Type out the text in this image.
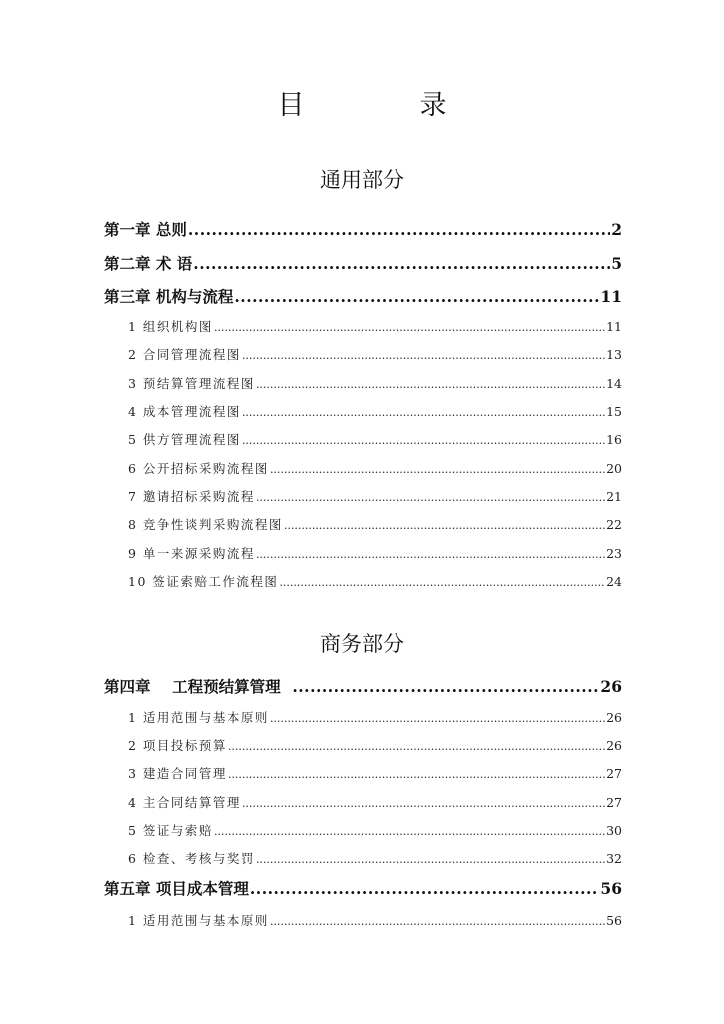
目　录
通用部分
第一章 总则 .....	2
第二章 术 语 .....	5
第三章 机构与流程 .....	11
1 组织机构图 .....	11
2 合同管理流程图 .....	13
3 预结算管理流程图 .....	14
4 成本管理流程图 .....	15
5 供方管理流程图 .....	16
6 公开招标采购流程图 .....	20
7 邀请招标采购流程 .....	21
8 竞争性谈判采购流程图 .....	22
9 单一来源采购流程 .....	23
10 签证索赔工作流程图 .....	24
商务部分
第四章    工程预结算管理 .....	26
1 适用范围与基本原则 .....	26
2 项目投标预算 .....	26
3 建造合同管理 .....	27
4 主合同结算管理 .....	27
5 签证与索赔 .....	30
6 检查、考核与奖罚 .....	32
第五章 项目成本管理 .....	56
1 适用范围与基本原则 .....	56
